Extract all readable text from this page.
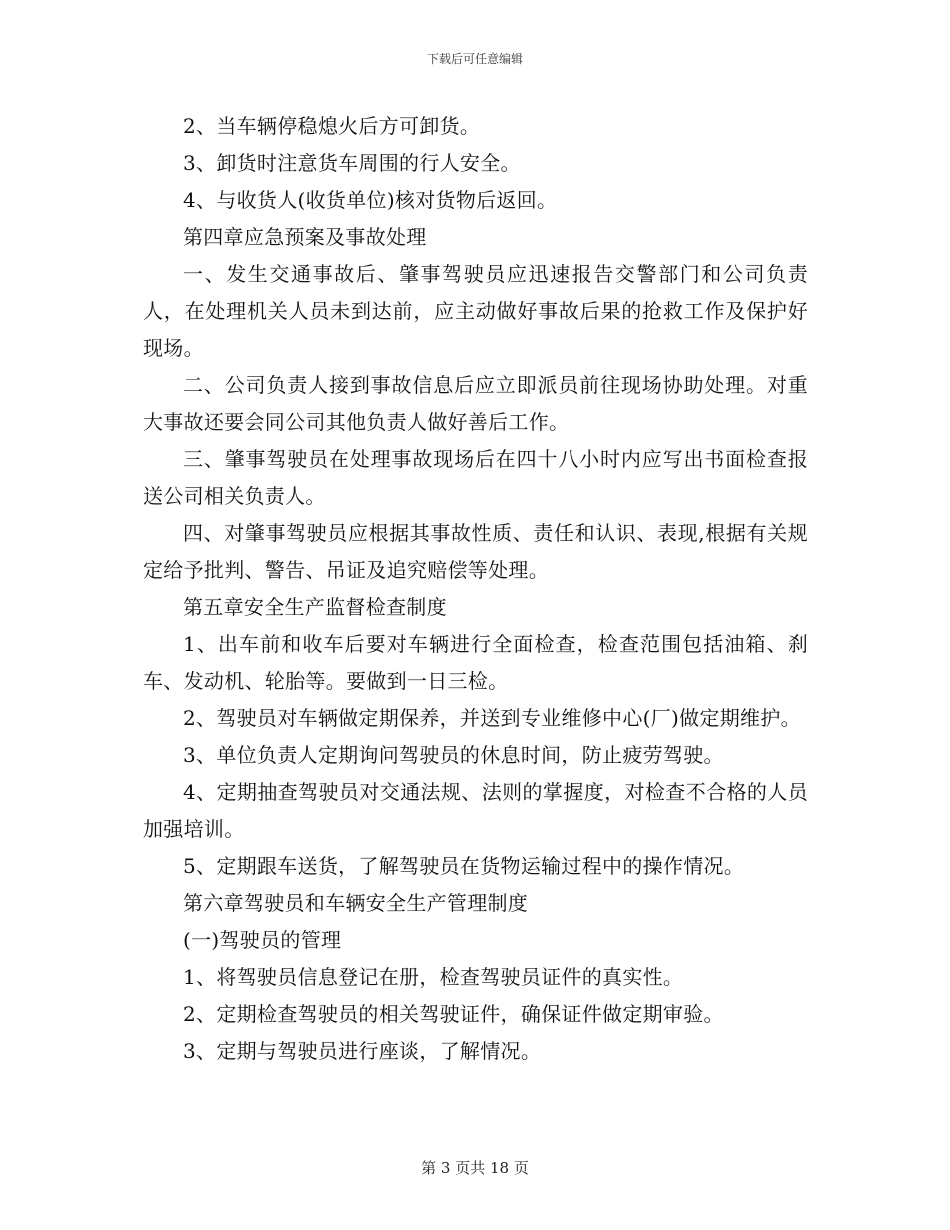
下载后可任意编辑

2、当车辆停稳熄火后方可卸货。

3、卸货时注意货车周围的行人安全。

4、与收货人(收货单位)核对货物后返回。

第四章应急预案及事故处理

一、发生交通事故后、肇事驾驶员应迅速报告交警部门和公司负责人，在处理机关人员未到达前，应主动做好事故后果的抢救工作及保护好现场。

二、公司负责人接到事故信息后应立即派员前往现场协助处理。对重大事故还要会同公司其他负责人做好善后工作。

三、肇事驾驶员在处理事故现场后在四十八小时内应写出书面检查报送公司相关负责人。

四、对肇事驾驶员应根据其事故性质、责任和认识、表现,根据有关规定给予批判、警告、吊证及追究赔偿等处理。

第五章安全生产监督检查制度

1、出车前和收车后要对车辆进行全面检查，检查范围包括油箱、刹车、发动机、轮胎等。要做到一日三检。

2、驾驶员对车辆做定期保养，并送到专业维修中心(厂)做定期维护。

3、单位负责人定期询问驾驶员的休息时间，防止疲劳驾驶。

4、定期抽查驾驶员对交通法规、法则的掌握度，对检查不合格的人员加强培训。

5、定期跟车送货，了解驾驶员在货物运输过程中的操作情况。

第六章驾驶员和车辆安全生产管理制度

(一)驾驶员的管理

1、将驾驶员信息登记在册，检查驾驶员证件的真实性。

2、定期检查驾驶员的相关驾驶证件，确保证件做定期审验。

3、定期与驾驶员进行座谈，了解情况。

第 3 页共 18 页
